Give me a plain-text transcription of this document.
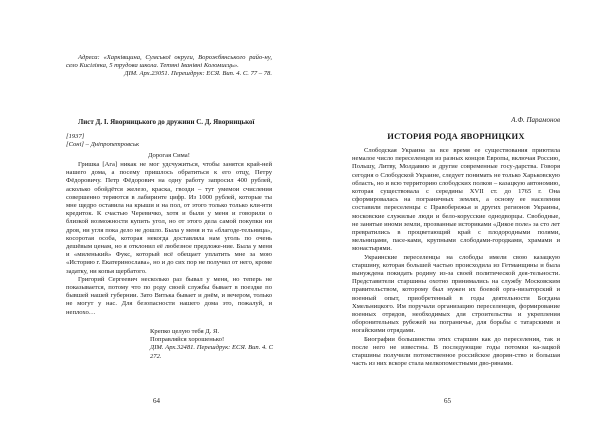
Адреса: «Харківщина, Сумської округи, Ворожбянського райо-ну, село Кисіліяка, 5 трудова школа. Тетяні Іванівні Коломиєць».

ДІМ. Арх.23051. Перешдрук: ЕСЯ. Вип. 4. С. 77 – 78.

Лист Д. І. Яворницького до дружини С. Д. Яворницької
[1937]
[Соні] – Дніпропетровськ
Дорогая Сима!

Гришка [Ага] никак не мог удсчужиться, чтобы занятся край-ней нашего дома, а посему пришлось обратиться к его отцу, Петру Фёдоровичу. Петр Фёдорович на одну работу запросил 400 рублей, асколько обойдётся железо, краска, гвозди – тут умемои счисления совершенно теряются в лабиринте цифр. Из 1000 рублей, которые ты мне щедро оставила на крыши и на пол, от этого только только кли-нти кредиток. К счастью Черевичко, хотя и были у меня и говорили о близкой возможности купить угол, но от этого дела самой покупки ни дров, ни угля пока дело не дошло. Была у меня и та «благоде-тельница», косоротая особа, которая некогда доставляла нам уголь по очень дешёвым ценам, но я отклонил её любезное предложе-ние. Была у меня и «миленький» Фукс, который всё обещает уплатить мне за мою «Историю г. Екатеринослава», но и до сих пор не получил от него, кроме задатку, ни копья щербатого.

Григорий Сергеевич несколько раз бывал у меня, но теперь не показывается, потому что по роду своей службы бывает в поездке по бывшей нашей губернии. Зато Витька бывает и днём, и вечером, только не могут у нас. Для безопасности нашего дома это, пожалуй, и неплохо…

Крепко целую тебя Д. Я.

Поправляйся хорошенько!

ДІМ. Арх.32481. Перешдрук: ЕСЯ. Вип. 4. С 272.

64
А.Ф. Парамонов
ИСТОРИЯ РОДА ЯВОРНИЦКИХ

Слободская Украина за все время ее существования приютила немалое число переселенцев из разных концов Европы, включая Россию, Польшу, Литву, Молдавию и другие современные госу-дарства. Говоря сегодня о Слободской Украине, следует понимать не только Харьковскую область, но и всю территорию слободских полков – казацкую автономию, которая существовала с середины XVII ст. до 1765 г. Она сформировалась на пограничных землях, а основу ее населения составили переселенцы с Правобережья и других регионов Украины, московские служилые люди и бело-корусские однодворцы. Свободные, не занятые иноми земли, прозванные историками «Дикое поле» за сто лет превратились в процветающий край с плодородными полями, мельницами, пасе-ками, крупными слободами-городками, храмами и монастырями.

Украинские переселенцы на слободы имели свою казацкую старшину, которая большей частью происходила из Гетманщины и была вынуждена покидать родину из-за своей политической дея-тельности. Представители старшины охотно принимались на службу Московским правительством, которому был нужен их боевой орга-низаторский и военный опыт, приобретенный в годы деятельности Богдана Хмельницкого. Им поручали организацию переселенцев, формирование военных отрядов, необходимых для строительства и укрепления оборонительных рубежей на пограничье, для борьбы с татарскими и ногайскими отрядами.

Биографии большинства этих старшин как до переселения, так и после него не известны. В последующие годы потомки ка-зацкой старшины получили потомственное российское дворян-ство и большая часть из них вскоре стала мелкопоместными дво-рянами.

65
